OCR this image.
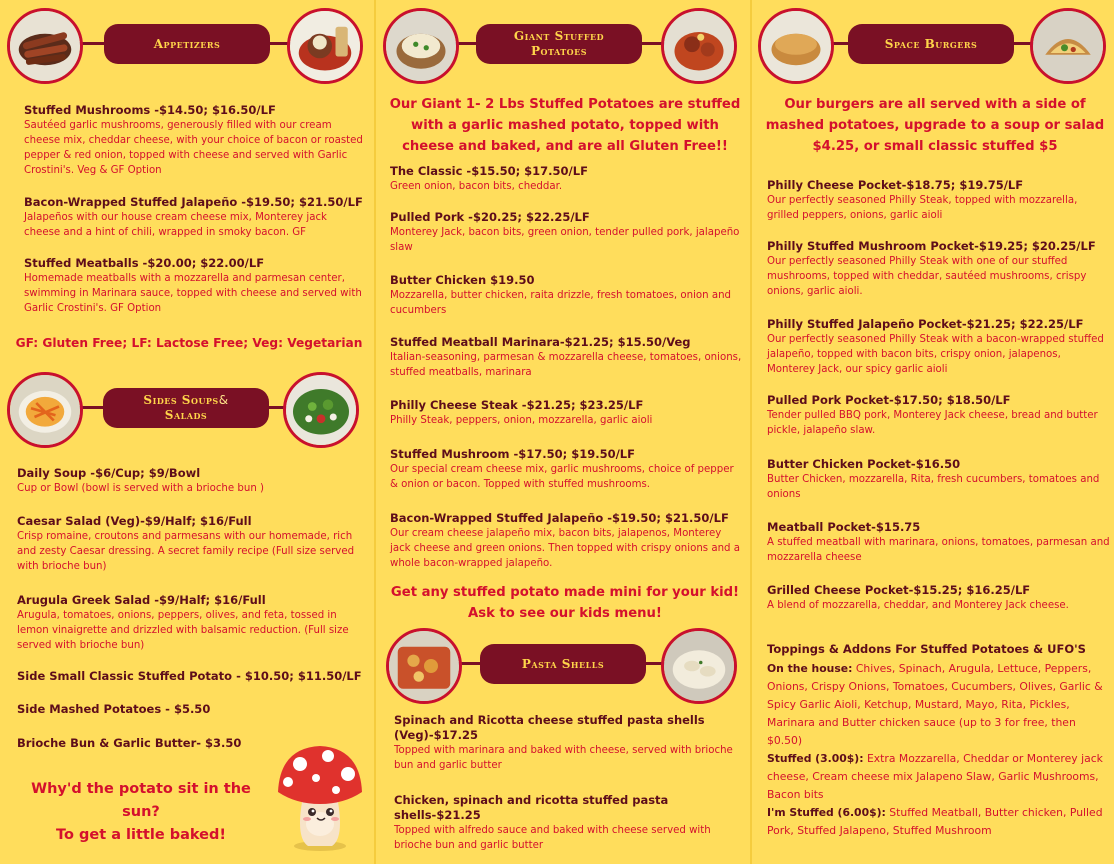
Appetizers
Stuffed Mushrooms -$14.50; $16.50/LF
Sautéed garlic mushrooms, generously filled with our cream cheese mix, cheddar cheese, with your choice of bacon or roasted pepper & red onion, topped with cheese and served with Garlic Crostini's. Veg & GF Option
Bacon-Wrapped Stuffed Jalapeño -$19.50; $21.50/LF
Jalapeños with our house cream cheese mix, Monterey jack cheese and a hint of chili, wrapped in smoky bacon. GF
Stuffed Meatballs -$20.00; $22.00/LF
Homemade meatballs with a mozzarella and parmesan center, swimming in Marinara sauce, topped with cheese and served with Garlic Crostini's. GF Option
GF: Gluten Free; LF: Lactose Free; Veg: Vegetarian
Sides Soups&
Salads
Daily Soup -$6/Cup; $9/Bowl
Cup or Bowl (bowl is served with a brioche bun )
Caesar Salad (Veg)-$9/Half; $16/Full
Crisp romaine, croutons and parmesans with our homemade, rich and zesty Caesar dressing. A secret family recipe (Full size served with brioche bun)
Arugula Greek Salad -$9/Half; $16/Full
Arugula, tomatoes, onions, peppers, olives, and feta, tossed in lemon vinaigrette and drizzled with balsamic reduction. (Full size served with brioche bun)
Side Small Classic Stuffed Potato - $10.50; $11.50/LF
Side Mashed Potatoes - $5.50
Brioche Bun & Garlic Butter- $3.50
Why'd the potato sit in the sun?
To get a little baked!
Giant Stuffed
Potatoes
Our Giant 1- 2 Lbs Stuffed Potatoes are stuffed with a garlic mashed potato, topped with cheese and baked, and are all Gluten Free!!
The Classic -$15.50; $17.50/LF
Green onion, bacon bits, cheddar.
Pulled Pork -$20.25; $22.25/LF
Monterey Jack, bacon bits, green onion, tender pulled pork, jalapeño slaw
Butter Chicken $19.50
Mozzarella, butter chicken, raita drizzle, fresh tomatoes, onion and cucumbers
Stuffed Meatball Marinara-$21.25; $15.50/Veg
Italian-seasoning, parmesan & mozzarella cheese, tomatoes, onions, stuffed meatballs, marinara
Philly Cheese Steak -$21.25; $23.25/LF
Philly Steak, peppers, onion, mozzarella, garlic aioli
Stuffed Mushroom -$17.50; $19.50/LF
Our special cream cheese mix, garlic mushrooms, choice of pepper & onion or bacon. Topped with stuffed mushrooms.
Bacon-Wrapped Stuffed Jalapeño -$19.50; $21.50/LF
Our cream cheese jalapeño mix, bacon bits, jalapenos, Monterey jack cheese and green onions. Then topped with crispy onions and a whole bacon-wrapped jalapeño.
Get any stuffed potato made mini for your kid! Ask to see our kids menu!
Pasta Shells
Spinach and Ricotta cheese stuffed pasta shells (Veg)-$17.25
Topped with marinara and baked with cheese, served with brioche bun and garlic butter
Chicken, spinach and ricotta stuffed pasta shells-$21.25
Topped with alfredo sauce and baked with cheese served with brioche bun and garlic butter
Space Burgers
Our burgers are all served with a side of mashed potatoes, upgrade to a soup or salad $4.25, or small classic stuffed $5
Philly Cheese Pocket-$18.75; $19.75/LF
Our perfectly seasoned Philly Steak, topped with mozzarella, grilled peppers, onions, garlic aioli
Philly Stuffed Mushroom Pocket-$19.25; $20.25/LF
Our perfectly seasoned Philly Steak with one of our stuffed mushrooms, topped with cheddar, sautéed mushrooms, crispy onions, garlic aioli.
Philly Stuffed Jalapeño Pocket-$21.25; $22.25/LF
Our perfectly seasoned Philly Steak with a bacon-wrapped stuffed jalapeño, topped with bacon bits, crispy onion, jalapenos, Monterey Jack, our spicy garlic aioli
Pulled Pork Pocket-$17.50; $18.50/LF
Tender pulled BBQ pork, Monterey Jack cheese, bread and butter pickle, jalapeño slaw.
Butter Chicken Pocket-$16.50
Butter Chicken, mozzarella, Rita, fresh cucumbers, tomatoes and onions
Meatball Pocket-$15.75
A stuffed meatball with marinara, onions, tomatoes, parmesan and mozzarella cheese
Grilled Cheese Pocket-$15.25; $16.25/LF
A blend of mozzarella, cheddar, and Monterey Jack cheese.
Toppings & Addons For Stuffed Potatoes & UFO'S
On the house: Chives, Spinach, Arugula, Lettuce, Peppers, Onions, Crispy Onions, Tomatoes, Cucumbers, Olives, Garlic & Spicy Garlic Aioli, Ketchup, Mustard, Mayo, Rita, Pickles, Marinara and Butter chicken sauce (up to 3 for free, then $0.50)
Stuffed (3.00$): Extra Mozzarella, Cheddar or Monterey jack cheese, Cream cheese mix Jalapeno Slaw, Garlic Mushrooms, Bacon bits
I'm Stuffed (6.00$): Stuffed Meatball, Butter chicken, Pulled Pork, Stuffed Jalapeno, Stuffed Mushroom
